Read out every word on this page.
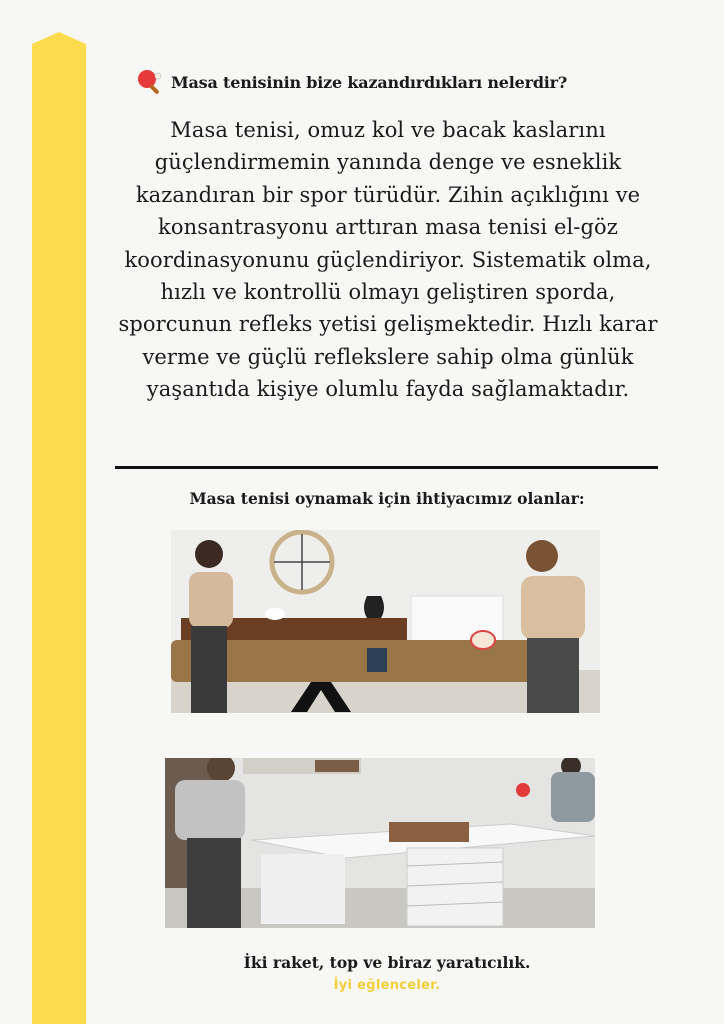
Masa tenisinin bize kazandırdıkları nelerdir?
Masa tenisi, omuz kol ve bacak kaslarını güçlendirmemin yanında denge ve esneklik kazandıran bir spor türüdür. Zihin açıklığını ve konsantrasyonu arttıran masa tenisi el-göz koordinasyonunu güçlendiriyor. Sistematik olma, hızlı ve kontrollü olmayı geliştiren sporda, sporcunun refleks yetisi gelişmektedir. Hızlı karar verme ve güçlü reflekslere sahip olma günlük yaşantıda kişiye olumlu fayda sağlamaktadır.
Masa tenisi oynamak için ihtiyacımız olanlar:
İki raket, top ve biraz yaratıcılık.
İyi eğlenceler.
